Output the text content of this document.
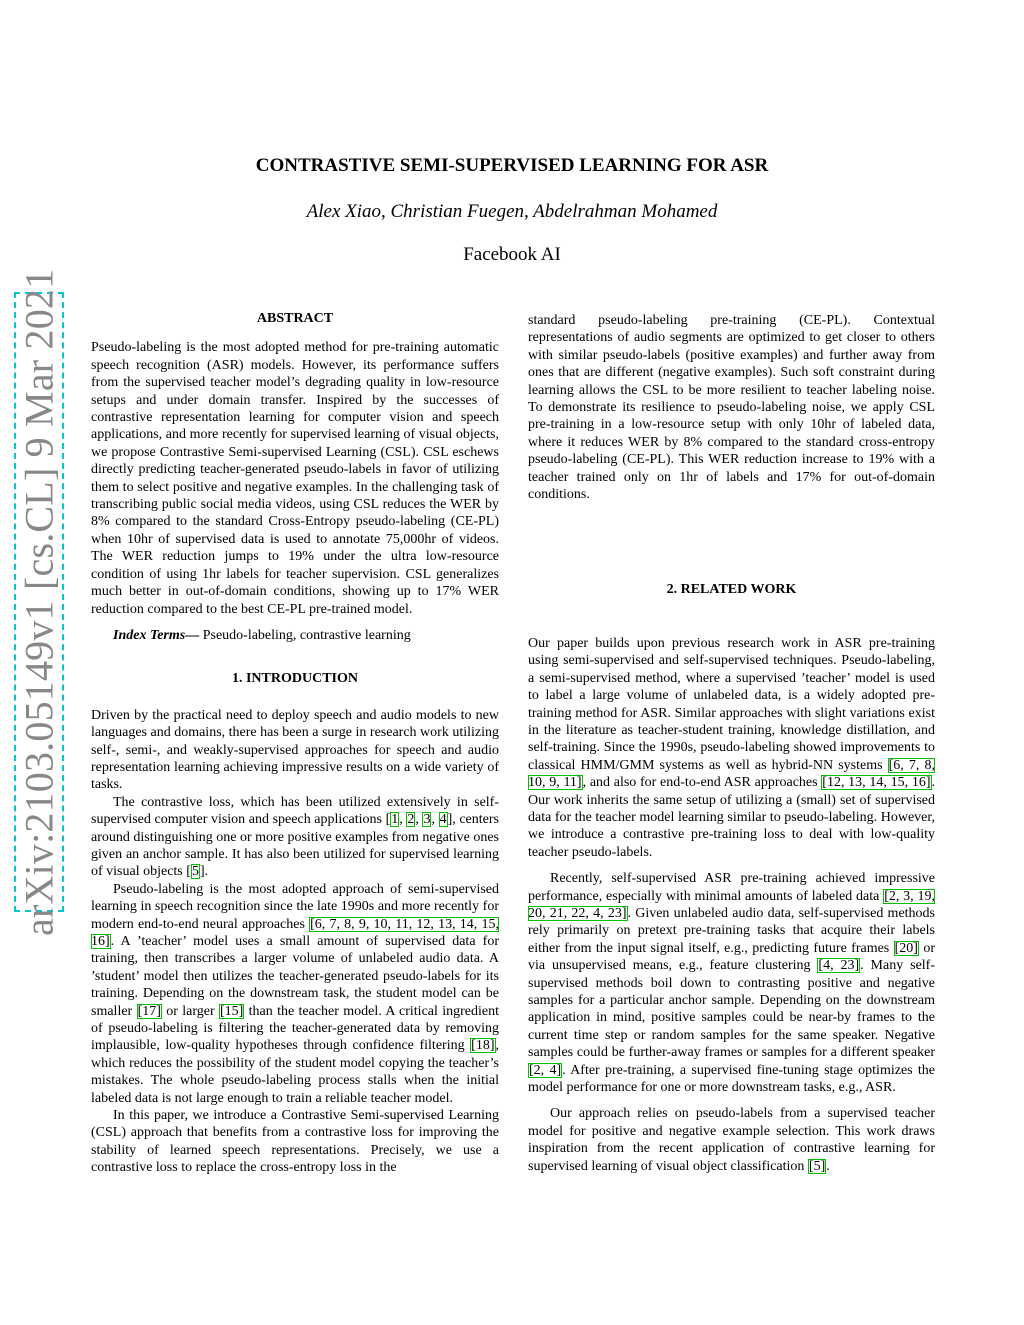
arXiv:2103.05149v1 [cs.CL] 9 Mar 2021
CONTRASTIVE SEMI-SUPERVISED LEARNING FOR ASR
Alex Xiao, Christian Fuegen, Abdelrahman Mohamed
Facebook AI
ABSTRACT

Pseudo-labeling is the most adopted method for pre-training automatic speech recognition (ASR) models. However, its performance suffers from the supervised teacher model’s degrading quality in low-resource setups and under domain transfer. Inspired by the successes of contrastive representation learning for computer vision and speech applications, and more recently for supervised learning of visual objects, we propose Contrastive Semi-supervised Learning (CSL). CSL eschews directly predicting teacher-generated pseudo-labels in favor of utilizing them to select positive and negative examples. In the challenging task of transcribing public social media videos, using CSL reduces the WER by 8% compared to the standard Cross-Entropy pseudo-labeling (CE-PL) when 10hr of supervised data is used to annotate 75,000hr of videos. The WER reduction jumps to 19% under the ultra low-resource condition of using 1hr labels for teacher supervision. CSL generalizes much better in out-of-domain conditions, showing up to 17% WER reduction compared to the best CE-PL pre-trained model.

Index Terms— Pseudo-labeling, contrastive learning

1. INTRODUCTION

Driven by the practical need to deploy speech and audio models to new languages and domains, there has been a surge in research work utilizing self-, semi-, and weakly-supervised approaches for speech and audio representation learning achieving impressive results on a wide variety of tasks.

The contrastive loss, which has been utilized extensively in self-supervised computer vision and speech applications [1, 2, 3, 4], centers around distinguishing one or more positive examples from negative ones given an anchor sample. It has also been utilized for supervised learning of visual objects [5].

Pseudo-labeling is the most adopted approach of semi-supervised learning in speech recognition since the late 1990s and more recently for modern end-to-end neural approaches [6, 7, 8, 9, 10, 11, 12, 13, 14, 15, 16]. A ’teacher’ model uses a small amount of supervised data for training, then transcribes a larger volume of unlabeled audio data. A ’student’ model then utilizes the teacher-generated pseudo-labels for its training. Depending on the downstream task, the student model can be smaller [17] or larger [15] than the teacher model. A critical ingredient of pseudo-labeling is filtering the teacher-generated data by removing implausible, low-quality hypotheses through confidence filtering [18], which reduces the possibility of the student model copying the teacher’s mistakes. The whole pseudo-labeling process stalls when the initial labeled data is not large enough to train a reliable teacher model.

In this paper, we introduce a Contrastive Semi-supervised Learning (CSL) approach that benefits from a contrastive loss for improving the stability of learned speech representations. Precisely, we use a contrastive loss to replace the cross-entropy loss in the

standard pseudo-labeling pre-training (CE-PL). Contextual representations of audio segments are optimized to get closer to others with similar pseudo-labels (positive examples) and further away from ones that are different (negative examples). Such soft constraint during learning allows the CSL to be more resilient to teacher labeling noise. To demonstrate its resilience to pseudo-labeling noise, we apply CSL pre-training in a low-resource setup with only 10hr of labeled data, where it reduces WER by 8% compared to the standard cross-entropy pseudo-labeling (CE-PL). This WER reduction increase to 19% with a teacher trained only on 1hr of labels and 17% for out-of-domain conditions.

2. RELATED WORK

Our paper builds upon previous research work in ASR pre-training using semi-supervised and self-supervised techniques. Pseudo-labeling, a semi-supervised method, where a supervised ’teacher’ model is used to label a large volume of unlabeled data, is a widely adopted pre-training method for ASR. Similar approaches with slight variations exist in the literature as teacher-student training, knowledge distillation, and self-training. Since the 1990s, pseudo-labeling showed improvements to classical HMM/GMM systems as well as hybrid-NN systems [6, 7, 8, 10, 9, 11], and also for end-to-end ASR approaches [12, 13, 14, 15, 16]. Our work inherits the same setup of utilizing a (small) set of supervised data for the teacher model learning similar to pseudo-labeling. However, we introduce a contrastive pre-training loss to deal with low-quality teacher pseudo-labels.

Recently, self-supervised ASR pre-training achieved impressive performance, especially with minimal amounts of labeled data [2, 3, 19, 20, 21, 22, 4, 23]. Given unlabeled audio data, self-supervised methods rely primarily on pretext pre-training tasks that acquire their labels either from the input signal itself, e.g., predicting future frames [20] or via unsupervised means, e.g., feature clustering [4, 23]. Many self-supervised methods boil down to contrasting positive and negative samples for a particular anchor sample. Depending on the downstream application in mind, positive samples could be near-by frames to the current time step or random samples for the same speaker. Negative samples could be further-away frames or samples for a different speaker [2, 4]. After pre-training, a supervised fine-tuning stage optimizes the model performance for one or more downstream tasks, e.g., ASR.

Our approach relies on pseudo-labels from a supervised teacher model for positive and negative example selection. This work draws inspiration from the recent application of contrastive learning for supervised learning of visual object classification [5].
